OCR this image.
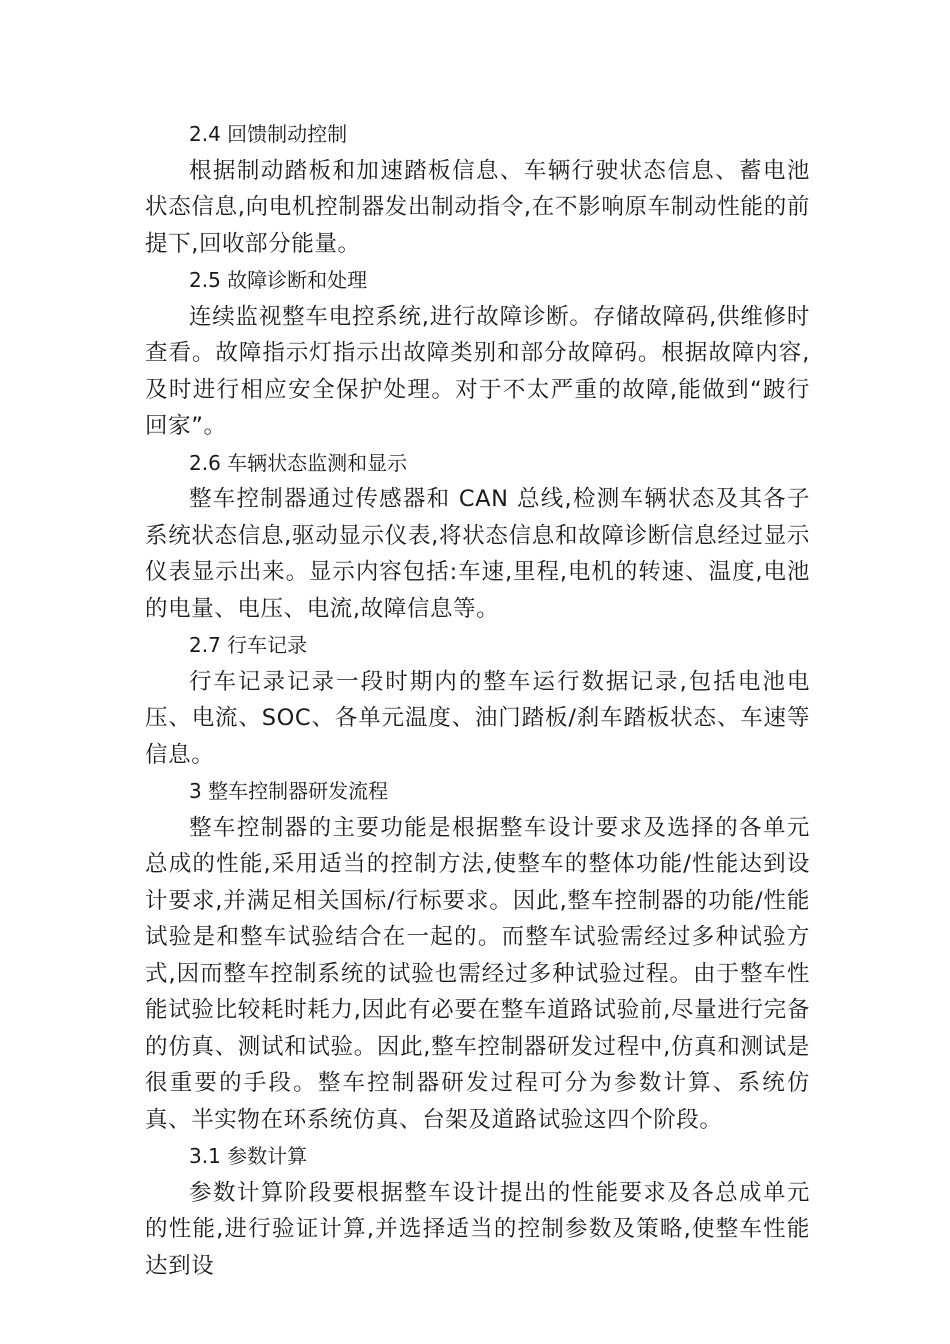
2.4 回馈制动控制

根据制动踏板和加速踏板信息、车辆行驶状态信息、蓄电池状态信息,向电机控制器发出制动指令,在不影响原车制动性能的前提下,回收部分能量。

2.5 故障诊断和处理

连续监视整车电控系统,进行故障诊断。存储故障码,供维修时查看。故障指示灯指示出故障类别和部分故障码。根据故障内容,及时进行相应安全保护处理。对于不太严重的故障,能做到“跛行回家”。

2.6 车辆状态监测和显示

整车控制器通过传感器和 CAN 总线,检测车辆状态及其各子系统状态信息,驱动显示仪表,将状态信息和故障诊断信息经过显示仪表显示出来。显示内容包括:车速,里程,电机的转速、温度,电池的电量、电压、电流,故障信息等。

2.7 行车记录

行车记录记录一段时期内的整车运行数据记录,包括电池电压、电流、SOC、各单元温度、油门踏板/刹车踏板状态、车速等信息。

3 整车控制器研发流程

整车控制器的主要功能是根据整车设计要求及选择的各单元总成的性能,采用适当的控制方法,使整车的整体功能/性能达到设计要求,并满足相关国标/行标要求。因此,整车控制器的功能/性能试验是和整车试验结合在一起的。而整车试验需经过多种试验方式,因而整车控制系统的试验也需经过多种试验过程。由于整车性能试验比较耗时耗力,因此有必要在整车道路试验前,尽量进行完备的仿真、测试和试验。因此,整车控制器研发过程中,仿真和测试是很重要的手段。整车控制器研发过程可分为参数计算、系统仿真、半实物在环系统仿真、台架及道路试验这四个阶段。

3.1 参数计算

参数计算阶段要根据整车设计提出的性能要求及各总成单元的性能,进行验证计算,并选择适当的控制参数及策略,使整车性能达到设
